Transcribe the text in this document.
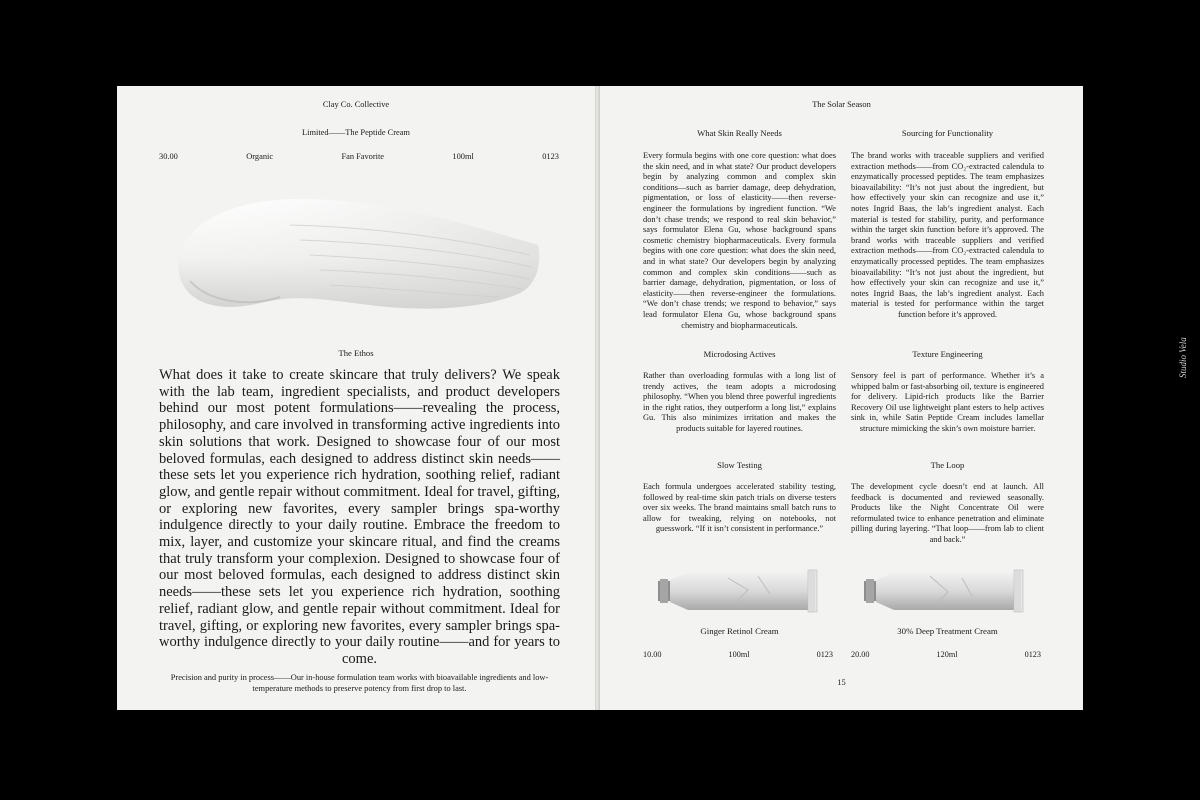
Clay Co. Collective
Limited——The Peptide Cream
30.00	Organic	Fan Favorite	100ml	0123
The Ethos
What does it take to create skincare that truly delivers? We speak with the lab team, ingredient specialists, and product developers behind our most potent formulations——revealing the process, philosophy, and care involved in transforming active ingredients into skin solutions that work. Designed to showcase four of our most beloved formulas, each designed to address distinct skin needs——these sets let you experience rich hydration, soothing relief, radiant glow, and gentle repair without commitment. Ideal for travel, gifting, or exploring new favorites, every sampler brings spa-worthy indulgence directly to your daily routine. Embrace the freedom to mix, layer, and customize your skincare ritual, and find the creams that truly transform your complexion. Designed to showcase four of our most beloved formulas, each designed to address distinct skin needs——these sets let you experience rich hydration, soothing relief, radiant glow, and gentle repair without commitment. Ideal for travel, gifting, or exploring new favorites, every sampler brings spa-worthy indulgence directly to your daily routine——and for years to come.
Precision and purity in process——Our in-house formulation team works with bioavailable ingredients and low-temperature methods to preserve potency from first drop to last.
The Solar Season
What Skin Really Needs
Every formula begins with one core question: what does the skin need, and in what state? Our product developers begin by analyzing common and complex skin conditions—such as barrier damage, deep dehydration, pigmentation, or loss of elasticity——then reverse-engineer the formulations by ingredient function. “We don’t chase trends; we respond to real skin behavior,” says formulator Elena Gu, whose background spans cosmetic chemistry biopharmaceuticals. Every formula begins with one core question: what does the skin need, and in what state? Our developers begin by analyzing common and complex skin conditions——such as barrier damage, dehydration, pigmentation, or loss of elasticity——then reverse-engineer the formulations. “We don’t chase trends; we respond to behavior,” says lead formulator Elena Gu, whose background spans chemistry and biopharmaceuticals.
Sourcing for Functionality
The brand works with traceable suppliers and verified extraction methods——from CO₂-extracted calendula to enzymatically processed peptides. The team emphasizes bioavailability: “It’s not just about the ingredient, but how effectively your skin can recognize and use it,” notes Ingrid Baas, the lab’s ingredient analyst. Each material is tested for stability, purity, and performance within the target skin function before it’s approved. The brand works with traceable suppliers and verified extraction methods——from CO₂-extracted calendula to enzymatically processed peptides. The team emphasizes bioavailability: “It’s not just about the ingredient, but how effectively your skin can recognize and use it,” notes Ingrid Baas, the lab’s ingredient analyst. Each material is tested for performance within the target function before it’s approved.
Microdosing Actives
Rather than overloading formulas with a long list of trendy actives, the team adopts a microdosing philosophy. “When you blend three powerful ingredients in the right ratios, they outperform a long list,” explains Gu. This also minimizes irritation and makes the products suitable for layered routines.
Texture Engineering
Sensory feel is part of performance. Whether it’s a whipped balm or fast-absorbing oil, texture is engineered for delivery. Lipid-rich products like the Barrier Recovery Oil use lightweight plant esters to help actives sink in, while Satin Peptide Cream includes lamellar structure mimicking the skin’s own moisture barrier.
Slow Testing
Each formula undergoes accelerated stability testing, followed by real-time skin patch trials on diverse testers over six weeks. The brand maintains small batch runs to allow for tweaking, relying on notebooks, not guesswork. “If it isn’t consistent in performance.”
The Loop
The development cycle doesn’t end at launch. All feedback is documented and reviewed seasonally. Products like the Night Concentrate Oil were reformulated twice to enhance penetration and eliminate pilling during layering. “That loop——from lab to client and back.”
Ginger Retinol Cream
10.00	100ml	0123
30% Deep Treatment Cream
20.00	120ml	0123
15
Studio Vela
